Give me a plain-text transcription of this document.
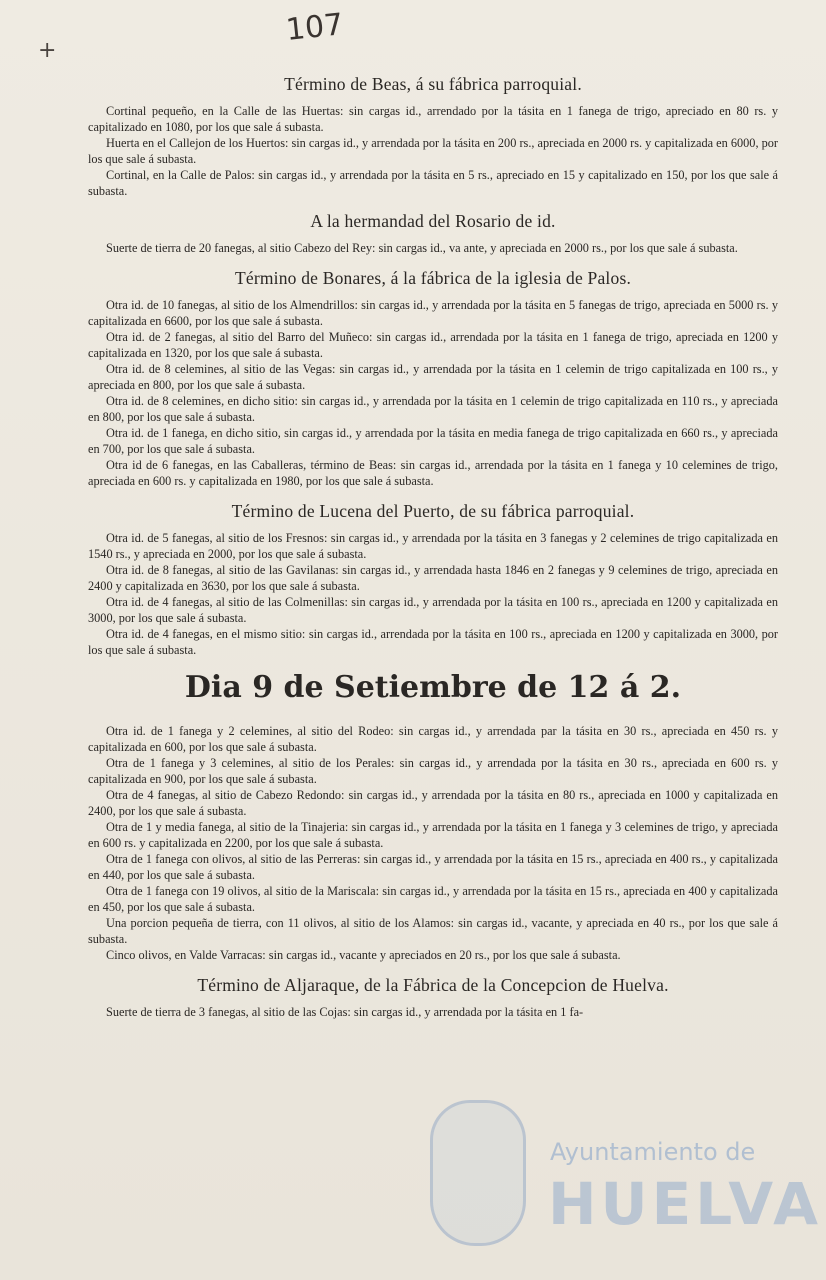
107
+
Término de Beas, á su fábrica parroquial.

Cortinal pequeño, en la Calle de las Huertas: sin cargas id., arrendado por la tásita en 1 fanega de trigo, apreciado en 80 rs. y capitalizado en 1080, por los que sale á subasta.

Huerta en el Callejon de los Huertos: sin cargas id., y arrendada por la tásita en 200 rs., apreciada en 2000 rs. y capitalizada en 6000, por los que sale á subasta.

Cortinal, en la Calle de Palos: sin cargas id., y arrendada por la tásita en 5 rs., apreciado en 15 y capitalizado en 150, por los que sale á subasta.

A la hermandad del Rosario de id.

Suerte de tierra de 20 fanegas, al sitio Cabezo del Rey: sin cargas id., va ante, y apreciada en 2000 rs., por los que sale á subasta.

Término de Bonares, á la fábrica de la iglesia de Palos.

Otra id. de 10 fanegas, al sitio de los Almendrillos: sin cargas id., y arrendada por la tásita en 5 fanegas de trigo, apreciada en 5000 rs. y capitalizada en 6600, por los que sale á subasta.

Otra id. de 2 fanegas, al sitio del Barro del Muñeco: sin cargas id., arrendada por la tásita en 1 fanega de trigo, apreciada en 1200 y capitalizada en 1320, por los que sale á subasta.

Otra id. de 8 celemines, al sitio de las Vegas: sin cargas id., y arrendada por la tásita en 1 celemin de trigo capitalizada en 100 rs., y apreciada en 800, por los que sale á subasta.

Otra id. de 8 celemines, en dicho sitio: sin cargas id., y arrendada por la tásita en 1 celemin de trigo capitalizada en 110 rs., y apreciada en 800, por los que sale á subasta.

Otra id. de 1 fanega, en dicho sitio, sin cargas id., y arrendada por la tásita en media fanega de trigo capitalizada en 660 rs., y apreciada en 700, por los que sale á subasta.

Otra id de 6 fanegas, en las Caballeras, término de Beas: sin cargas id., arrendada por la tásita en 1 fanega y 10 celemines de trigo, apreciada en 600 rs. y capitalizada en 1980, por los que sale á subasta.

Término de Lucena del Puerto, de su fábrica parroquial.

Otra id. de 5 fanegas, al sitio de los Fresnos: sin cargas id., y arrendada por la tásita en 3 fanegas y 2 celemines de trigo capitalizada en 1540 rs., y apreciada en 2000, por los que sale á subasta.

Otra id. de 8 fanegas, al sitio de las Gavilanas: sin cargas id., y arrendada hasta 1846 en 2 fanegas y 9 celemines de trigo, apreciada en 2400 y capitalizada en 3630, por los que sale á subasta.

Otra id. de 4 fanegas, al sitio de las Colmenillas: sin cargas id., y arrendada por la tásita en 100 rs., apreciada en 1200 y capitalizada en 3000, por los que sale á subasta.

Otra id. de 4 fanegas, en el mismo sitio: sin cargas id., arrendada por la tásita en 100 rs., apreciada en 1200 y capitalizada en 3000, por los que sale á subasta.

Dia 9 de Setiembre de 12 á 2.

Otra id. de 1 fanega y 2 celemines, al sitio del Rodeo: sin cargas id., y arrendada par la tásita en 30 rs., apreciada en 450 rs. y capitalizada en 600, por los que sale á subasta.

Otra de 1 fanega y 3 celemines, al sitio de los Perales: sin cargas id., y arrendada por la tásita en 30 rs., apreciada en 600 rs. y capitalizada en 900, por los que sale á subasta.

Otra de 4 fanegas, al sitio de Cabezo Redondo: sin cargas id., y arrendada por la tásita en 80 rs., apreciada en 1000 y capitalizada en 2400, por los que sale á subasta.

Otra de 1 y media fanega, al sitio de la Tinajeria: sin cargas id., y arrendada por la tásita en 1 fanega y 3 celemines de trigo, y apreciada en 600 rs. y capitalizada en 2200, por los que sale á subasta.

Otra de 1 fanega con olivos, al sitio de las Perreras: sin cargas id., y arrendada por la tásita en 15 rs., apreciada en 400 rs., y capitalizada en 440, por los que sale á subasta.

Otra de 1 fanega con 19 olivos, al sitio de la Mariscala: sin cargas id., y arrendada por la tásita en 15 rs., apreciada en 400 y capitalizada en 450, por los que sale á subasta.

Una porcion pequeña de tierra, con 11 olivos, al sitio de los Alamos: sin cargas id., vacante, y apreciada en 40 rs., por los que sale á subasta.

Cinco olivos, en Valde Varracas: sin cargas id., vacante y apreciados en 20 rs., por los que sale á subasta.

Término de Aljaraque, de la Fábrica de la Concepcion de Huelva.

Suerte de tierra de 3 fanegas, al sitio de las Cojas: sin cargas id., y arrendada por la tásita en 1 fa-

Ayuntamiento de
HUELVA
